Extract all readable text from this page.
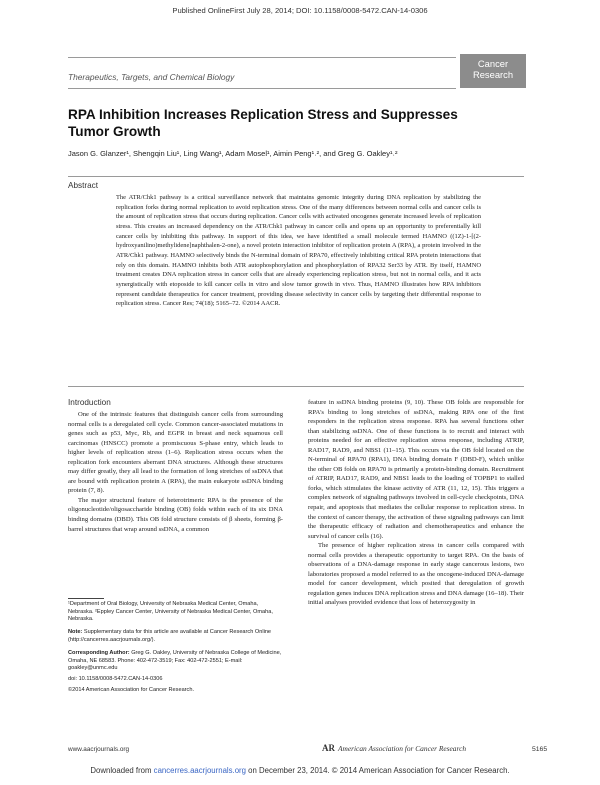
Published OnlineFirst July 28, 2014; DOI: 10.1158/0008-5472.CAN-14-0306
Therapeutics, Targets, and Chemical Biology
Cancer
Research
RPA Inhibition Increases Replication Stress and Suppresses Tumor Growth
Jason G. Glanzer¹, Shengqin Liu¹, Ling Wang¹, Adam Mosel¹, Aimin Peng¹˒², and Greg G. Oakley¹˒²
Abstract
The ATR/Chk1 pathway is a critical surveillance network that maintains genomic integrity during DNA replication by stabilizing the replication forks during normal replication to avoid replication stress. One of the many differences between normal cells and cancer cells is the amount of replication stress that occurs during replication. Cancer cells with activated oncogenes generate increased levels of replication stress. This creates an increased dependency on the ATR/Chk1 pathway in cancer cells and opens up an opportunity to preferentially kill cancer cells by inhibiting this pathway. In support of this idea, we have identified a small molecule termed HAMNO ((1Z)-1-[(2-hydroxyanilino)methylidene]naphthalen-2-one), a novel protein interaction inhibitor of replication protein A (RPA), a protein involved in the ATR/Chk1 pathway. HAMNO selectively binds the N-terminal domain of RPA70, effectively inhibiting critical RPA protein interactions that rely on this domain. HAMNO inhibits both ATR autophosphorylation and phosphorylation of RPA32 Ser33 by ATR. By itself, HAMNO treatment creates DNA replication stress in cancer cells that are already experiencing replication stress, but not in normal cells, and it acts synergistically with etoposide to kill cancer cells in vitro and slow tumor growth in vivo. Thus, HAMNO illustrates how RPA inhibitors represent candidate therapeutics for cancer treatment, providing disease selectivity in cancer cells by targeting their differential response to replication stress. Cancer Res; 74(18); 5165–72. ©2014 AACR.
Introduction

One of the intrinsic features that distinguish cancer cells from surrounding normal cells is a deregulated cell cycle. Common cancer-associated mutations in genes such as p53, Myc, Rb, and EGFR in breast and neck squamous cell carcinomas (HNSCC) promote a promiscuous S-phase entry, which leads to higher levels of replication stress (1–6). Replication stress occurs when the replication fork encounters aberrant DNA structures. Although these structures may differ greatly, they all lead to the formation of long stretches of ssDNA that are bound with replication protein A (RPA), the main eukaryote ssDNA binding protein (7, 8).

The major structural feature of heterotrimeric RPA is the presence of the oligonucleotide/oligosaccharide binding (OB) folds within each of its six DNA binding domains (DBD). This OB fold structure consists of β sheets, forming β-barrel structures that wrap around ssDNA, a common

feature in ssDNA binding proteins (9, 10). These OB folds are responsible for RPA's binding to long stretches of ssDNA, making RPA one of the first responders in the replication stress response. RPA has several functions other than stabilizing ssDNA. One of these functions is to recruit and interact with proteins needed for an effective replication stress response, including ATRIP, RAD17, RAD9, and NBS1 (11–15). This occurs via the OB fold located on the N-terminal of RPA70 (RPA1), DNA binding domain F (DBD-F), which unlike the other OB folds on RPA70 is primarily a protein-binding domain. Recruitment of ATRIP, RAD17, RAD9, and NBS1 leads to the loading of TOPBP1 to stalled forks, which stimulates the kinase activity of ATR (11, 12, 15). This triggers a complex network of signaling pathways involved in cell-cycle checkpoints, DNA repair, and apoptosis that mediates the cellular response to replication stress. In the context of cancer therapy, the activation of these signaling pathways can limit the therapeutic efficacy of radiation and chemotherapeutics and enhance the survival of cancer cells (16).

The presence of higher replication stress in cancer cells compared with normal cells provides a therapeutic opportunity to target RPA. On the basis of observations of a DNA-damage response in early stage cancerous lesions, two laboratories proposed a model referred to as the oncogene-induced DNA-damage model for cancer development, which posited that deregulation of growth regulation genes induces DNA replication stress and DNA damage (16–18). Their initial analyses provided evidence that loss of heterozygosity in

¹Department of Oral Biology, University of Nebraska Medical Center, Omaha, Nebraska. ²Eppley Cancer Center, University of Nebraska Medical Center, Omaha, Nebraska.
Note: Supplementary data for this article are available at Cancer Research Online (http://cancerres.aacrjournals.org/).
Corresponding Author: Greg G. Oakley, University of Nebraska College of Medicine, Omaha, NE 68583. Phone: 402-472-3519; Fax: 402-472-2551; E-mail: goakley@unmc.edu
doi: 10.1158/0008-5472.CAN-14-0306
©2014 American Association for Cancer Research.
www.aacrjournals.org	AR American Association for Cancer Research	5165
Downloaded from cancerres.aacrjournals.org on December 23, 2014. © 2014 American Association for Cancer Research.
